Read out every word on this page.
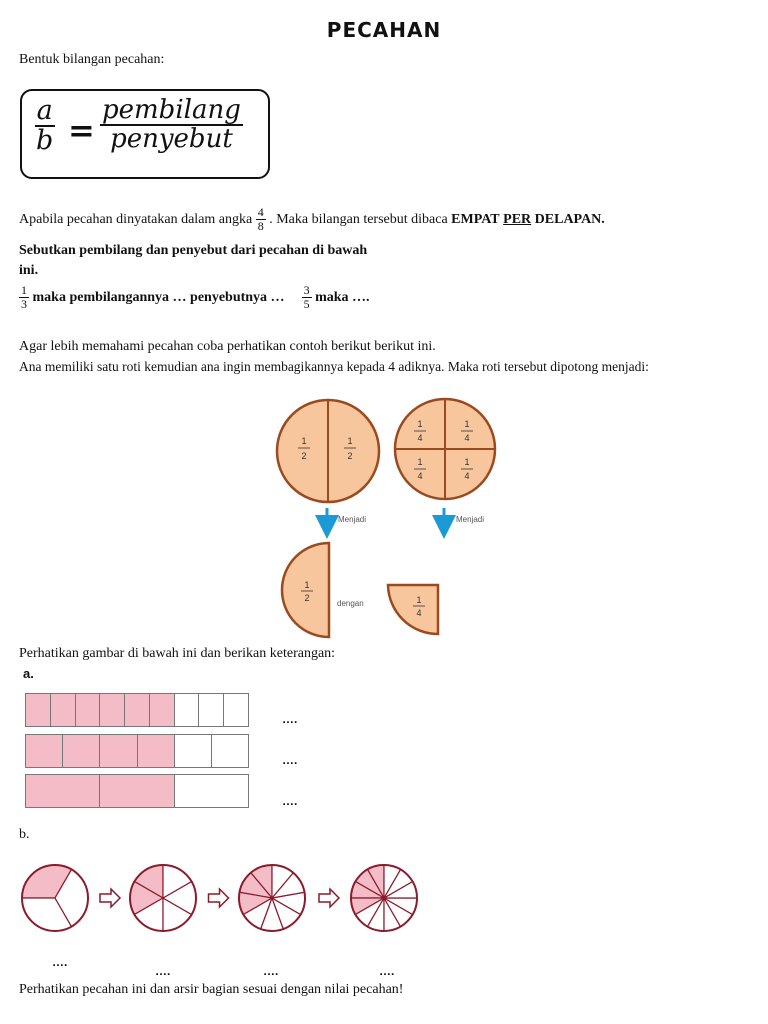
PECAHAN
Bentuk bilangan pecahan:
$\frac{a}{b} = \frac{\text{pembilang}}{\text{penyebut}}$
Apabila pecahan dinyatakan dalam angka $\frac{4}{8}$ . Maka bilangan tersebut dibaca EMPAT PER DELAPAN.
Sebutkan pembilang dan penyebut dari pecahan di bawah
ini.
$\frac{1}{3}$ maka pembilangannya … penyebutnya … $\frac{3}{5}$ maka ….
Agar lebih memahami pecahan coba perhatikan contoh berikut berikut ini.
Ana memiliki satu roti kemudian ana ingin membagikannya kepada 4 adiknya. Maka roti tersebut dipotong menjadi:
1
2
1
2
1
4
1
4
1
4
1
4
Menjadi	Menjadi
1
2
dengan	1
4
Perhatikan gambar di bawah ini dan berikan keterangan:
a.
….
….
….
b.
….
….	….	….
Perhatikan pecahan ini dan arsir bagian sesuai dengan nilai pecahan!
